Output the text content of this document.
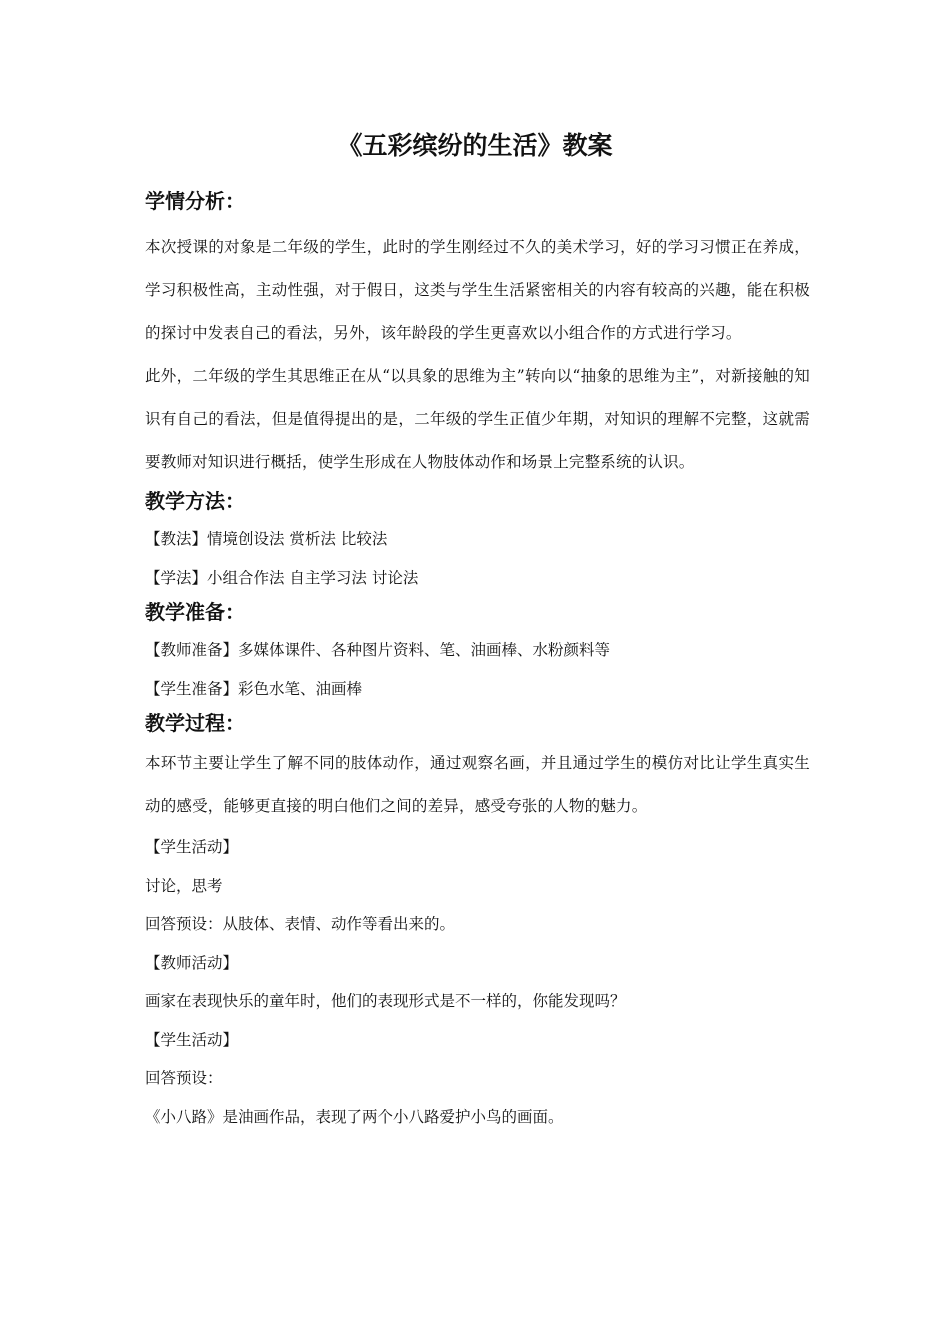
《五彩缤纷的生活》教案
学情分析：

本次授课的对象是二年级的学生，此时的学生刚经过不久的美术学习，好的学习习惯正在养成，学习积极性高，主动性强，对于假日，这类与学生生活紧密相关的内容有较高的兴趣，能在积极的探讨中发表自己的看法，另外，该年龄段的学生更喜欢以小组合作的方式进行学习。

此外，二年级的学生其思维正在从“以具象的思维为主”转向以“抽象的思维为主”，对新接触的知识有自己的看法，但是值得提出的是，二年级的学生正值少年期，对知识的理解不完整，这就需要教师对知识进行概括，使学生形成在人物肢体动作和场景上完整系统的认识。

教学方法：

【教法】情境创设法 赏析法 比较法

【学法】小组合作法 自主学习法 讨论法

教学准备：

【教师准备】多媒体课件、各种图片资料、笔、油画棒、水粉颜料等

【学生准备】彩色水笔、油画棒

教学过程：

本环节主要让学生了解不同的肢体动作，通过观察名画，并且通过学生的模仿对比让学生真实生动的感受，能够更直接的明白他们之间的差异，感受夸张的人物的魅力。

【学生活动】

讨论，思考

回答预设：从肢体、表情、动作等看出来的。

【教师活动】

画家在表现快乐的童年时，他们的表现形式是不一样的，你能发现吗？

【学生活动】

回答预设：

《小八路》是油画作品，表现了两个小八路爱护小鸟的画面。
